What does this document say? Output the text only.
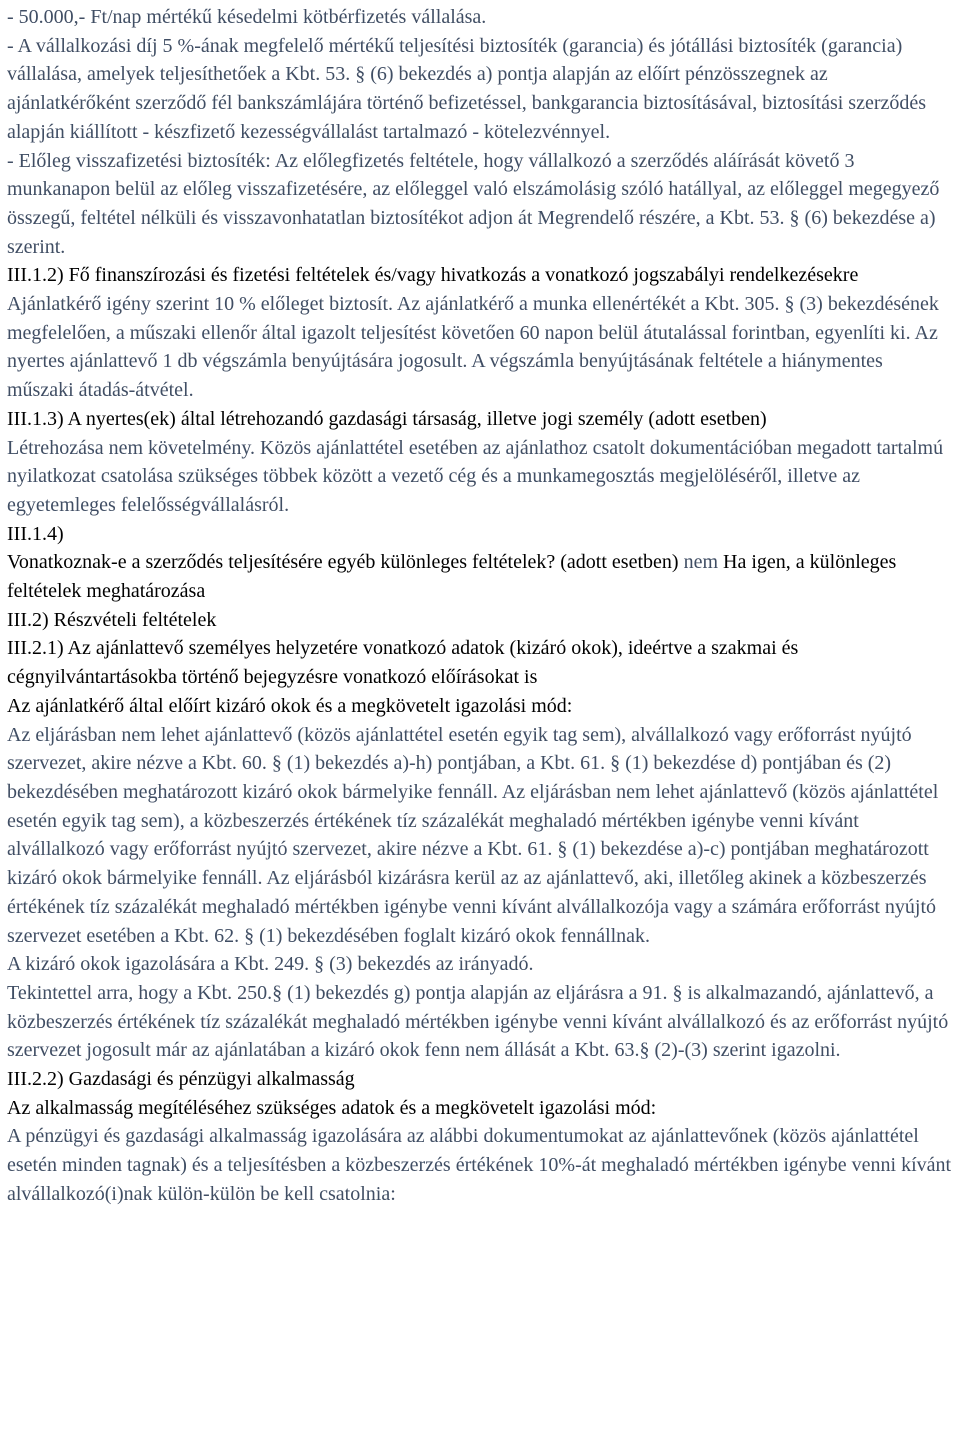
- 50.000,- Ft/nap mértékű késedelmi kötbérfizetés vállalása.

- A vállalkozási díj 5 %-ának megfelelő mértékű teljesítési biztosíték (garancia) és jótállási biztosíték (garancia) vállalása, amelyek teljesíthetőek a Kbt. 53. § (6) bekezdés a) pontja alapján az előírt pénzösszegnek az ajánlatkérőként szerződő fél bankszámlájára történő befizetéssel, bankgarancia biztosításával, biztosítási szerződés alapján kiállított - készfizető kezességvállalást tartalmazó - kötelezvénnyel.

- Előleg visszafizetési biztosíték: Az előlegfizetés feltétele, hogy vállalkozó a szerződés aláírását követő 3 munkanapon belül az előleg visszafizetésére, az előleggel való elszámolásig szóló hatállyal, az előleggel megegyező összegű, feltétel nélküli és visszavonhatatlan biztosítékot adjon át Megrendelő részére, a Kbt. 53. § (6) bekezdése a) szerint.

III.1.2) Fő finanszírozási és fizetési feltételek és/vagy hivatkozás a vonatkozó jogszabályi rendelkezésekre

Ajánlatkérő igény szerint 10 % előleget biztosít. Az ajánlatkérő a munka ellenértékét a Kbt. 305. § (3) bekezdésének megfelelően, a műszaki ellenőr által igazolt teljesítést követően 60 napon belül átutalással forintban, egyenlíti ki. Az nyertes ajánlattevő 1 db végszámla benyújtására jogosult. A végszámla benyújtásának feltétele a hiánymentes műszaki átadás-átvétel.

III.1.3) A nyertes(ek) által létrehozandó gazdasági társaság, illetve jogi személy (adott esetben)

Létrehozása nem követelmény. Közös ajánlattétel esetében az ajánlathoz csatolt dokumentációban megadott tartalmú nyilatkozat csatolása szükséges többek között a vezető cég és a munkamegosztás megjelöléséről, illetve az egyetemleges felelősségvállalásról.

III.1.4)

Vonatkoznak-e a szerződés teljesítésére egyéb különleges feltételek? (adott esetben) nem Ha igen, a különleges feltételek meghatározása

III.2) Részvételi feltételek

III.2.1) Az ajánlattevő személyes helyzetére vonatkozó adatok (kizáró okok), ideértve a szakmai és cégnyilvántartásokba történő bejegyzésre vonatkozó előírásokat is

Az ajánlatkérő által előírt kizáró okok és a megkövetelt igazolási mód:

Az eljárásban nem lehet ajánlattevő (közös ajánlattétel esetén egyik tag sem), alvállalkozó vagy erőforrást nyújtó szervezet, akire nézve a Kbt. 60. § (1) bekezdés a)-h) pontjában, a Kbt. 61. § (1) bekezdése d) pontjában és (2) bekezdésében meghatározott kizáró okok bármelyike fennáll. Az eljárásban nem lehet ajánlattevő (közös ajánlattétel esetén egyik tag sem), a közbeszerzés értékének tíz százalékát meghaladó mértékben igénybe venni kívánt alvállalkozó vagy erőforrást nyújtó szervezet, akire nézve a Kbt. 61. § (1) bekezdése a)-c) pontjában meghatározott kizáró okok bármelyike fennáll. Az eljárásból kizárásra kerül az az ajánlattevő, aki, illetőleg akinek a közbeszerzés értékének tíz százalékát meghaladó mértékben igénybe venni kívánt alvállalkozója vagy a számára erőforrást nyújtó szervezet esetében a Kbt. 62. § (1) bekezdésében foglalt kizáró okok fennállnak.

A kizáró okok igazolására a Kbt. 249. § (3) bekezdés az irányadó.

Tekintettel arra, hogy a Kbt. 250.§ (1) bekezdés g) pontja alapján az eljárásra a 91. § is alkalmazandó, ajánlattevő, a közbeszerzés értékének tíz százalékát meghaladó mértékben igénybe venni kívánt alvállalkozó és az erőforrást nyújtó szervezet jogosult már az ajánlatában a kizáró okok fenn nem állását a Kbt. 63.§ (2)-(3) szerint igazolni.

III.2.2) Gazdasági és pénzügyi alkalmasság

Az alkalmasság megítéléséhez szükséges adatok és a megkövetelt igazolási mód:

A pénzügyi és gazdasági alkalmasság igazolására az alábbi dokumentumokat az ajánlattevőnek (közös ajánlattétel esetén minden tagnak) és a teljesítésben a közbeszerzés értékének 10%-át meghaladó mértékben igénybe venni kívánt alvállalkozó(i)nak külön-külön be kell csatolnia:
